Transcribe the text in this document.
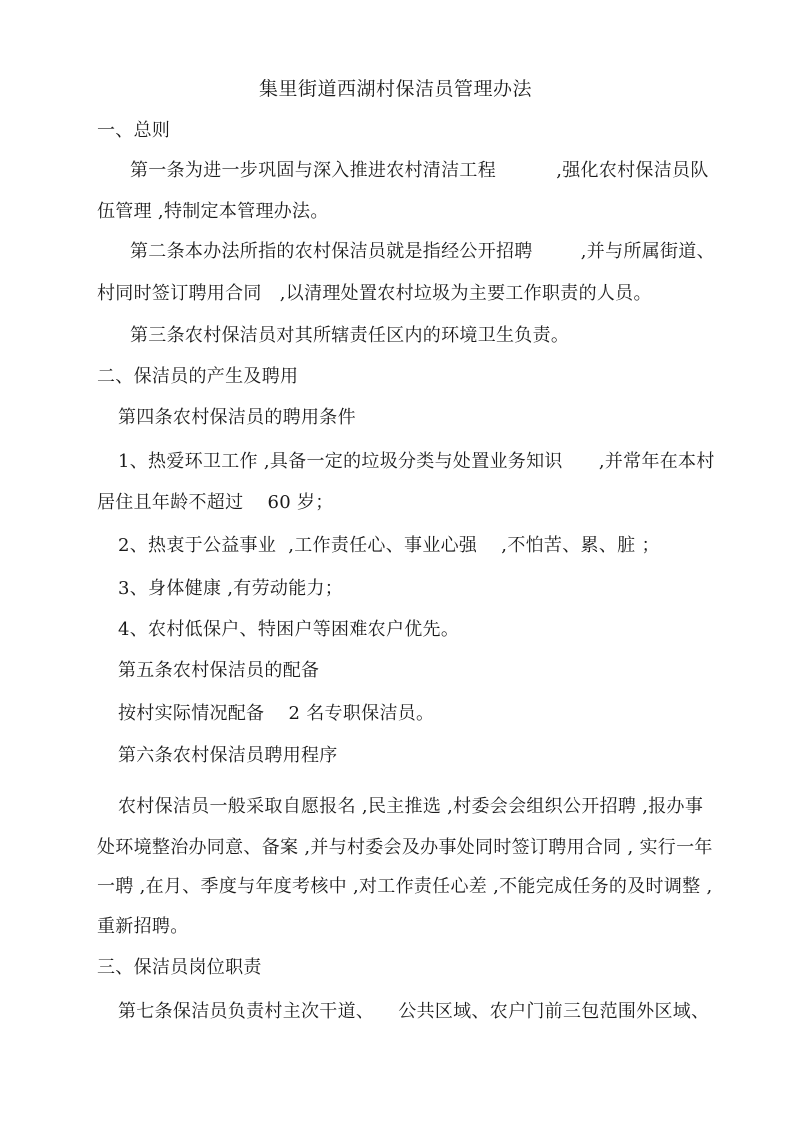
集里街道西湖村保洁员管理办法
一、总则
第一条为进一步巩固与深入推进农村清洁工程          ,强化农村保洁员队
伍管理 ,特制定本管理办法。
第二条本办法所指的农村保洁员就是指经公开招聘        ,并与所属街道、
村同时签订聘用合同   ,以清理处置农村垃圾为主要工作职责的人员。
第三条农村保洁员对其所辖责任区内的环境卫生负责。
二、保洁员的产生及聘用
第四条农村保洁员的聘用条件
1、热爱环卫工作 ,具备一定的垃圾分类与处置业务知识      ,并常年在本村
居住且年龄不超过    60 岁；
2、热衷于公益事业  ,工作责任心、事业心强    ,不怕苦、累、脏 ；
3、身体健康 ,有劳动能力；
4、农村低保户、特困户等困难农户优先。
第五条农村保洁员的配备
按村实际情况配备    2 名专职保洁员。
第六条农村保洁员聘用程序
农村保洁员一般采取自愿报名 ,民主推选 ,村委会会组织公开招聘 ,报办事
处环境整治办同意、备案 ,并与村委会及办事处同时签订聘用合同 , 实行一年
一聘 ,在月、季度与年度考核中 ,对工作责任心差 ,不能完成任务的及时调整 ,
重新招聘。
三、保洁员岗位职责
第七条保洁员负责村主次干道、    公共区域、农户门前三包范围外区域、
